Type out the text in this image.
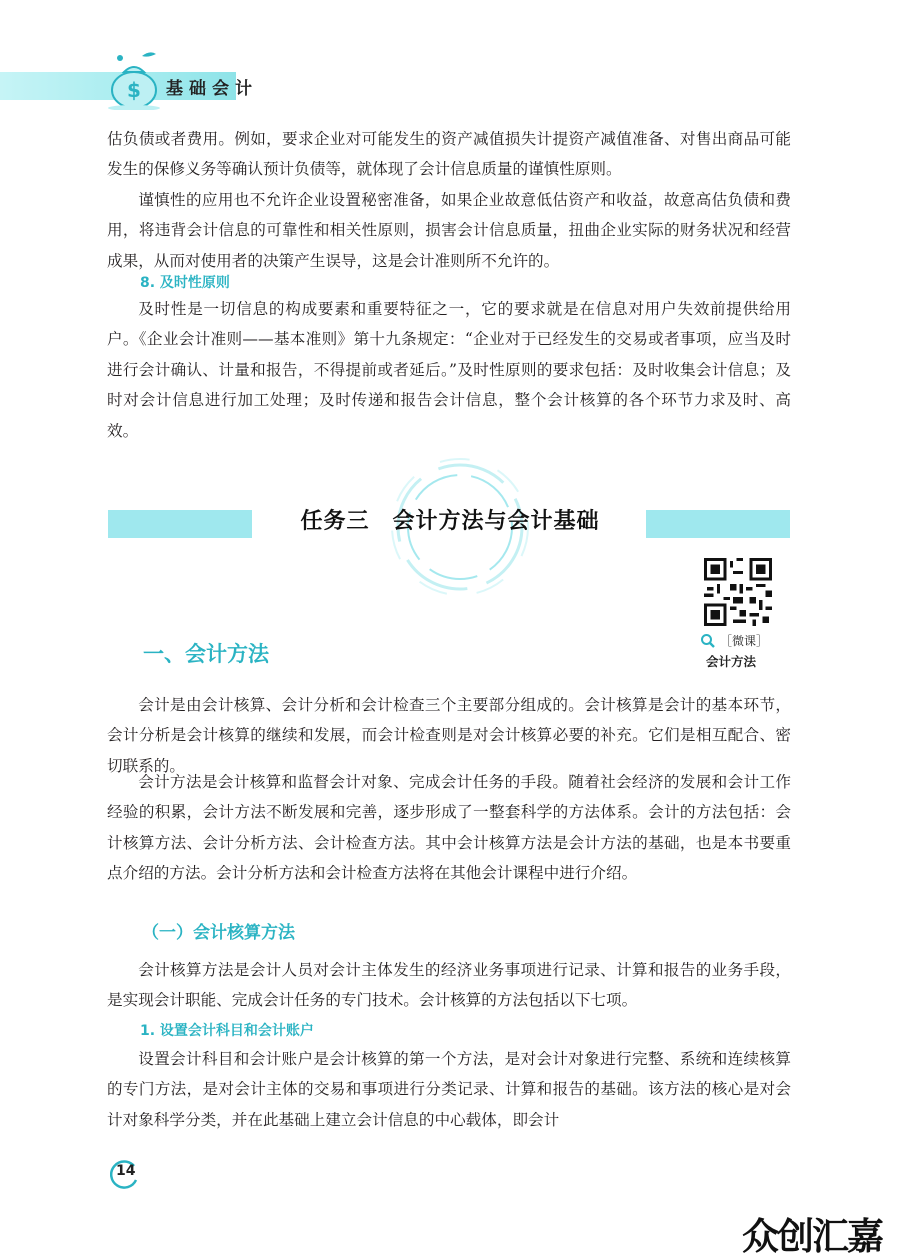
$ 基础会计

估负债或者费用。例如，要求企业对可能发生的资产减值损失计提资产减值准备、对售出商品可能发生的保修义务等确认预计负债等，就体现了会计信息质量的谨慎性原则。

谨慎性的应用也不允许企业设置秘密准备，如果企业故意低估资产和收益，故意高估负债和费用，将违背会计信息的可靠性和相关性原则，损害会计信息质量，扭曲企业实际的财务状况和经营成果，从而对使用者的决策产生误导，这是会计准则所不允许的。

8. 及时性原则

及时性是一切信息的构成要素和重要特征之一，它的要求就是在信息对用户失效前提供给用户。《企业会计准则——基本准则》第十九条规定：“企业对于已经发生的交易或者事项，应当及时进行会计确认、计量和报告，不得提前或者延后。”及时性原则的要求包括：及时收集会计信息；及时对会计信息进行加工处理；及时传递和报告会计信息，整个会计核算的各个环节力求及时、高效。

任务三　会计方法与会计基础
［微课］
会计方法
一、会计方法

会计是由会计核算、会计分析和会计检查三个主要部分组成的。会计核算是会计的基本环节，会计分析是会计核算的继续和发展，而会计检查则是对会计核算必要的补充。它们是相互配合、密切联系的。

会计方法是会计核算和监督会计对象、完成会计任务的手段。随着社会经济的发展和会计工作经验的积累，会计方法不断发展和完善，逐步形成了一整套科学的方法体系。会计的方法包括：会计核算方法、会计分析方法、会计检查方法。其中会计核算方法是会计方法的基础，也是本书要重点介绍的方法。会计分析方法和会计检查方法将在其他会计课程中进行介绍。

（一）会计核算方法

会计核算方法是会计人员对会计主体发生的经济业务事项进行记录、计算和报告的业务手段，是实现会计职能、完成会计任务的专门技术。会计核算的方法包括以下七项。

1. 设置会计科目和会计账户

设置会计科目和会计账户是会计核算的第一个方法，是对会计对象进行完整、系统和连续核算的专门方法，是对会计主体的交易和事项进行分类记录、计算和报告的基础。该方法的核心是对会计对象科学分类，并在此基础上建立会计信息的中心载体，即会计

14
众创汇嘉
